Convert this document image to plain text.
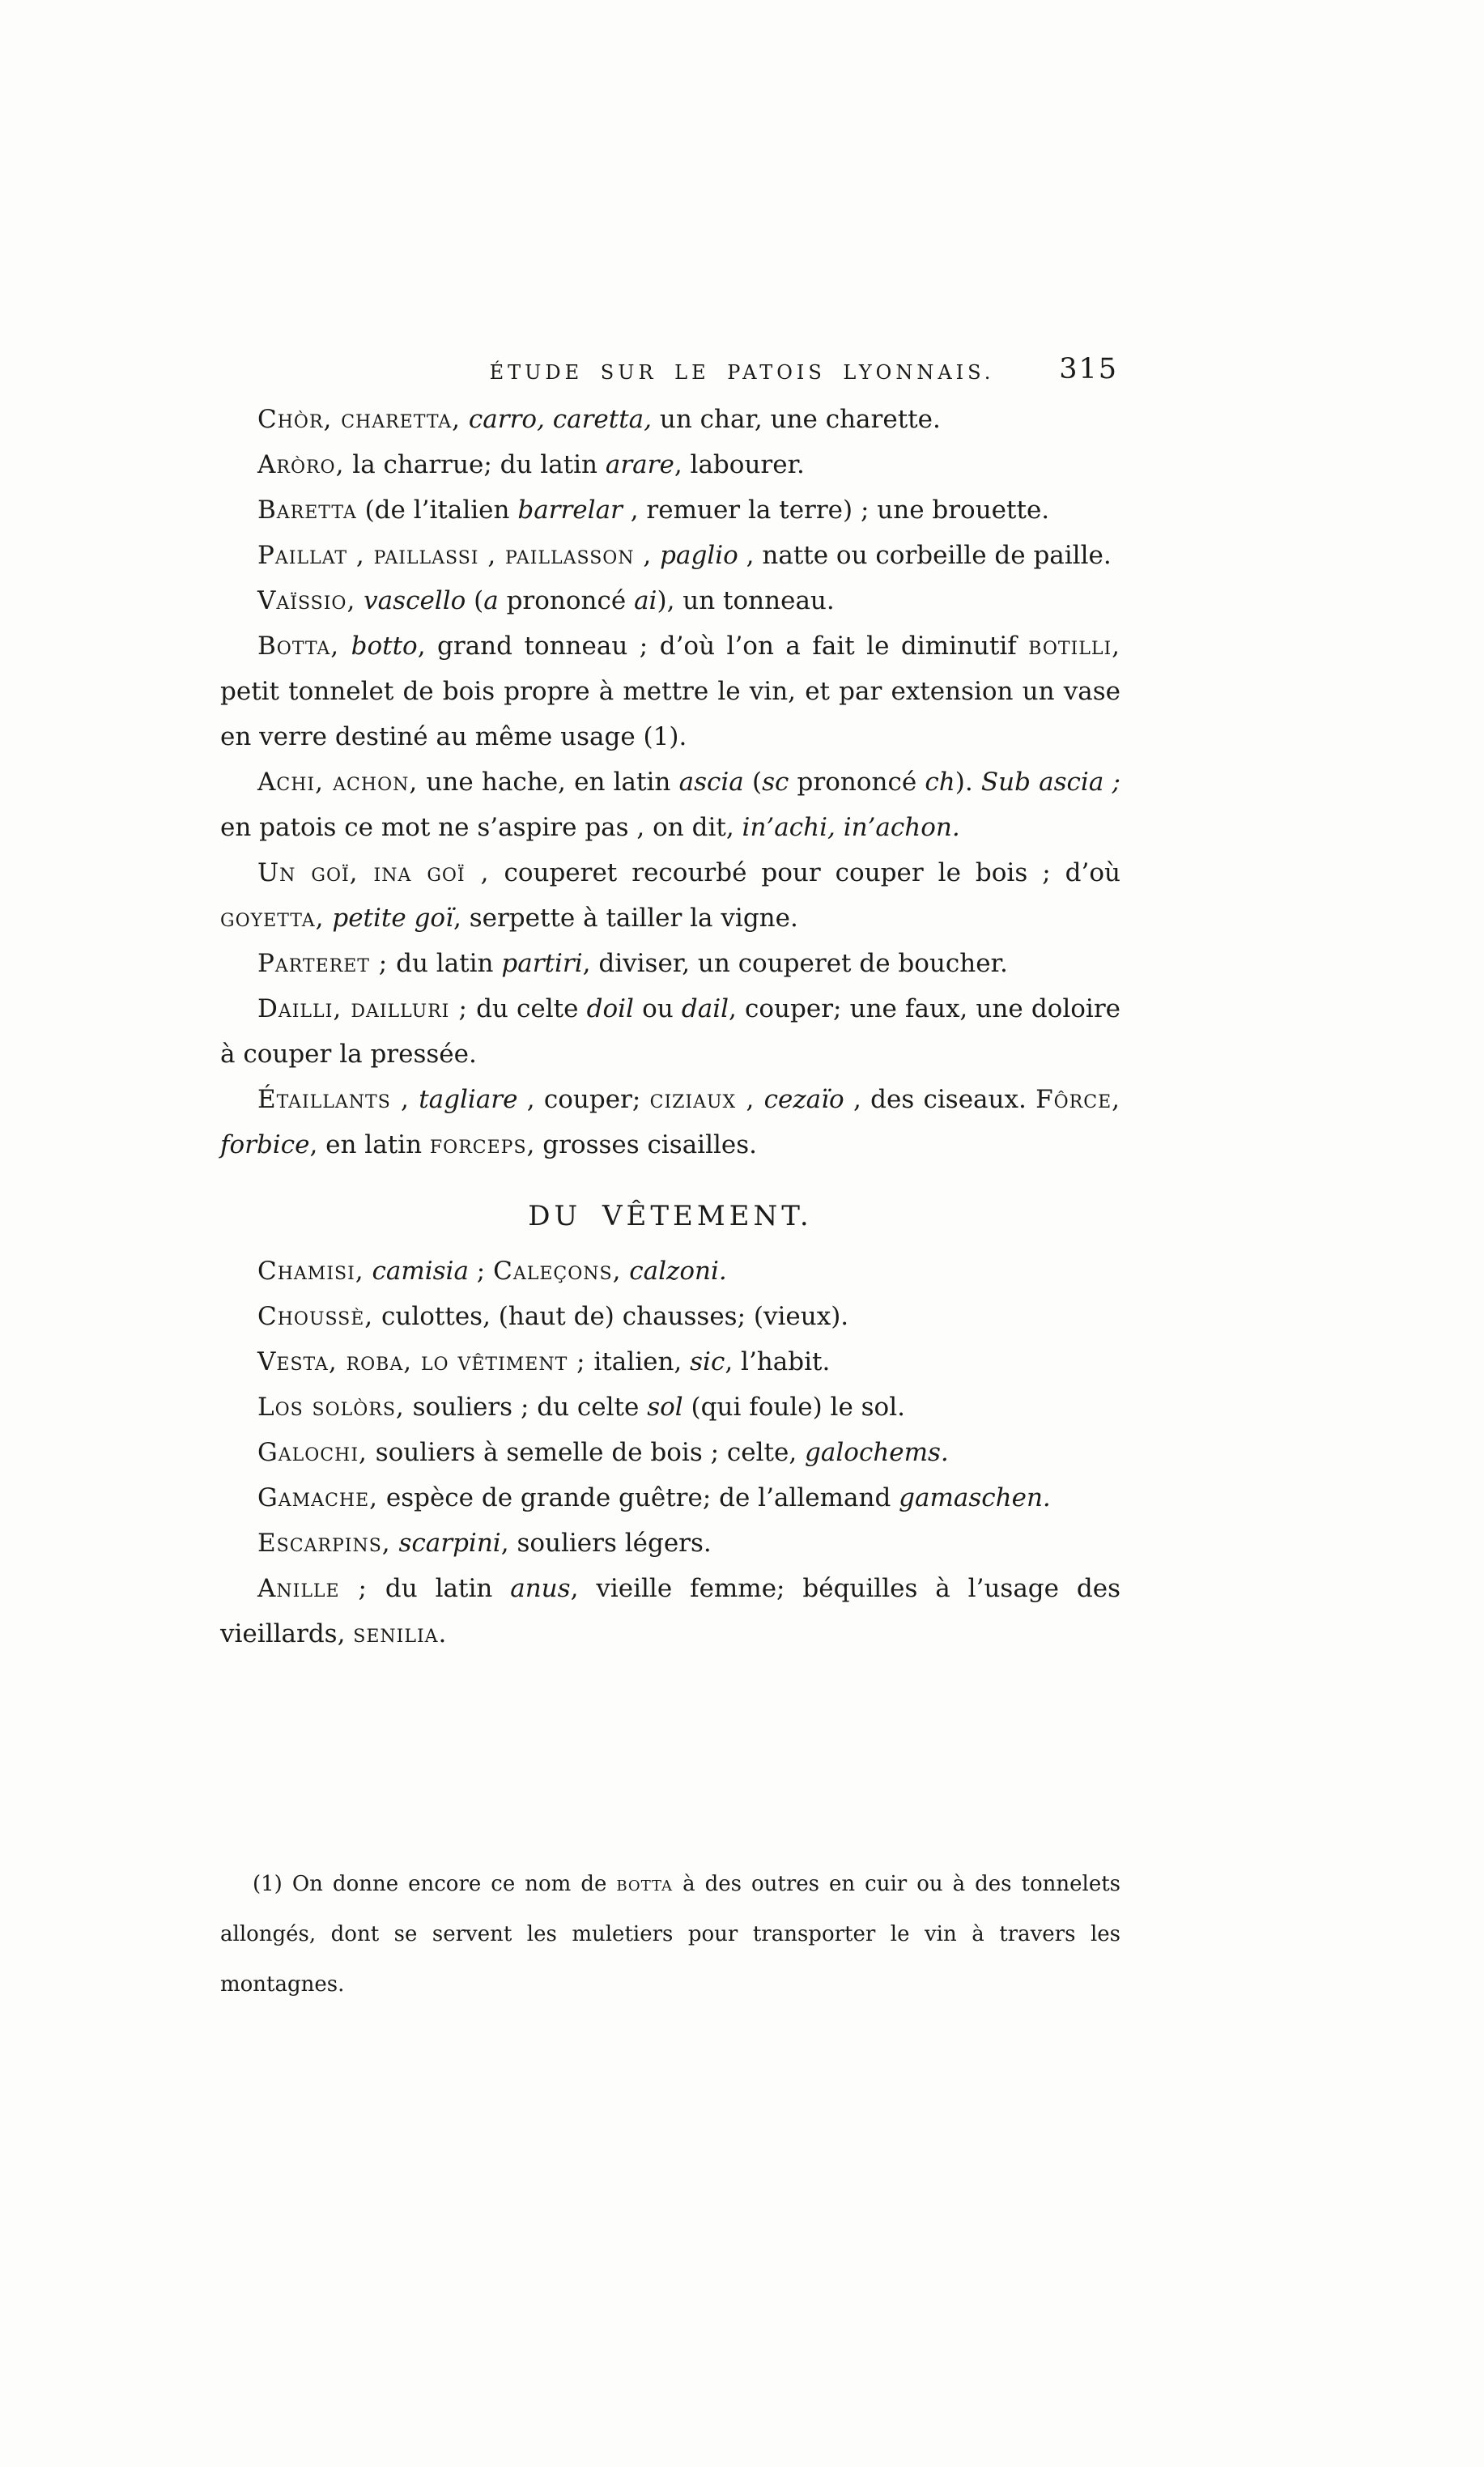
ÉTUDE SUR LE PATOIS LYONNAIS. 315

Chòr, charetta, carro, caretta, un char, une charette.

Aròro, la charrue; du latin arare, labourer.

Baretta (de l’italien barrelar , remuer la terre) ; une brouette.

Paillat , paillassi , paillasson , paglio , natte ou corbeille de paille.

Vaïssio, vascello (a prononcé ai), un tonneau.

Botta, botto, grand tonneau ; d’où l’on a fait le diminutif botilli, petit tonnelet de bois propre à mettre le vin, et par extension un vase en verre destiné au même usage (1).

Achi, achon, une hache, en latin ascia (sc prononcé ch). Sub ascia ; en patois ce mot ne s’aspire pas , on dit, in’achi, in’achon.

Un goï, ina goï , couperet recourbé pour couper le bois ; d’où goyetta, petite goï, serpette à tailler la vigne.

Parteret ; du latin partiri, diviser, un couperet de boucher.

Dailli, dailluri ; du celte doil ou dail, couper; une faux, une doloire à couper la pressée.

Étaillants , tagliare , couper; ciziaux , cezaïo , des ciseaux. Fôrce, forbice, en latin forceps, grosses cisailles.

DU VÊTEMENT.

Chamisi, camisia ; Caleçons, calzoni.

Choussè, culottes, (haut de) chausses; (vieux).

Vesta, roba, lo vêtiment ; italien, sic, l’habit.

Los solòrs, souliers ; du celte sol (qui foule) le sol.

Galochi, souliers à semelle de bois ; celte, galochems.

Gamache, espèce de grande guêtre; de l’allemand gamaschen.

Escarpins, scarpini, souliers légers.

Anille ; du latin anus, vieille femme; béquilles à l’usage des vieillards, senilia.

(1) On donne encore ce nom de botta à des outres en cuir ou à des tonnelets allongés, dont se servent les muletiers pour transporter le vin à travers les montagnes.
